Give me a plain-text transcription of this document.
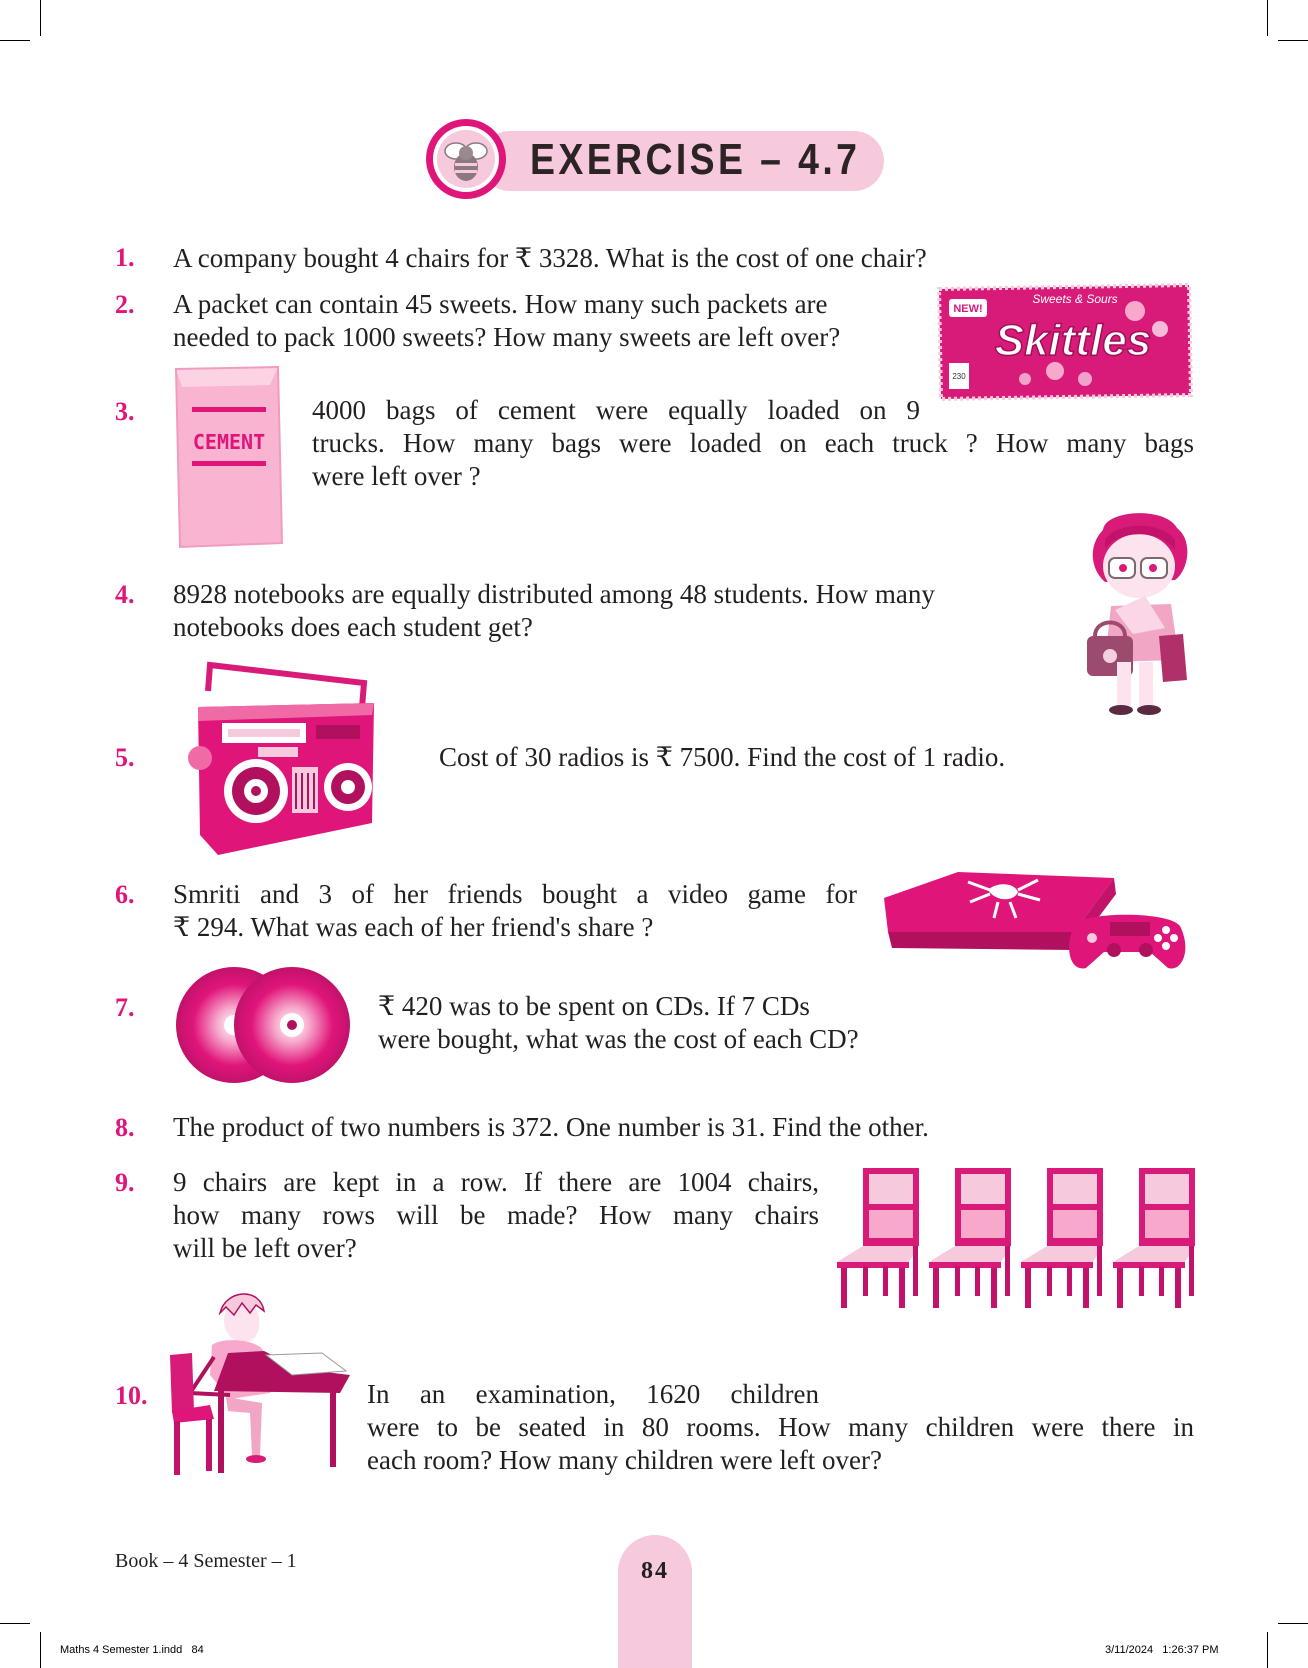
EXERCISE – 4.7
1. A company bought 4 chairs for ₹ 3328. What is the cost of one chair?
2. A packet can contain 45 sweets. How many such packets are
needed to pack 1000 sweets? How many sweets are left over?
NEW!
Sweets & Sours
Skittles
230
3.
CEMENT
4000 bags of cement were equally loaded on 9
trucks. How many bags were loaded on each truck ? How many bags
were left over ?
4. 8928 notebooks are equally distributed among 48 students. How many
notebooks does each student get?
5.	Cost of 30 radios is ₹ 7500. Find the cost of 1 radio.
6. Smriti and 3 of her friends bought a video game for
₹ 294. What was each of her friend's share ?
7.	₹ 420 was to be spent on CDs. If 7 CDs
were bought, what was the cost of each CD?
8. The product of two numbers is 372. One number is 31. Find the other.
9. 9 chairs are kept in a row. If there are 1004 chairs,
how many rows will be made? How many chairs
will be left over?
10.	In an examination, 1620 children
were to be seated in 80 rooms. How many children were there in
each room? How many children were left over?
Book – 4 Semester – 1	84
Maths 4 Semester 1.indd   84	3/11/2024   1:26:37 PM
